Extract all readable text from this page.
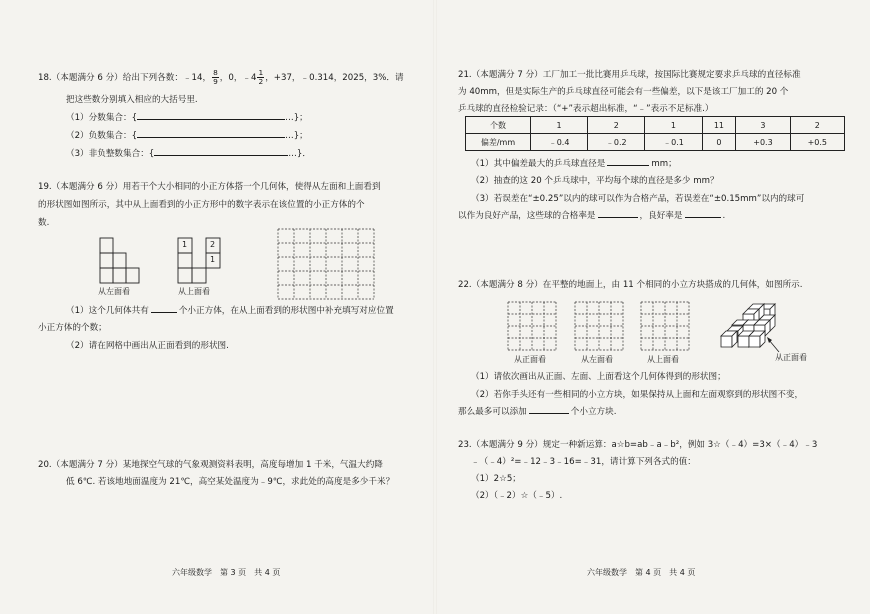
18.（本题满分 6 分）给出下列各数：﹣14， $\frac{8}{9}$ ，0，﹣4 $\frac{1}{2}$ ，+37，﹣0.314，2025，3%．请
把这些数分别填入相应的大括号里.
（1）分数集合：{	…}；
（2）负数集合：{	…}；
（3）非负整数集合：{	…}．
19.（本题满分 6 分）用若干个大小相同的小正方体搭一个几何体，使得从左面和上面看到
的形状图如图所示，其中从上面看到的小正方形中的数字表示在该位置的小正方体的个
数.
从左面看
1	2
1
从上面看
（1）这个几何体共有	个小正方体，在从上面看到的形状图中补充填写对应位置
小正方体的个数；
（2）请在网格中画出从正面看到的形状图.
20.（本题满分 7 分）某地探空气球的气象观测资料表明，高度每增加 1 千米，气温大约降
低 6℃. 若该地地面温度为 21℃，高空某处温度为﹣9℃，求此处的高度是多少千米？
六年级数学　第 3 页　共 4 页
21.（本题满分 7 分）工厂加工一批比赛用乒乓球，按国际比赛规定要求乒乓球的直径标准
为 40mm，但是实际生产的乒乓球直径可能会有一些偏差，以下是该工厂加工的 20 个
乒乓球的直径检验记录：（“+”表示超出标准，“﹣”表示不足标准.）
个数	1	2	1	11	3	2
偏差/mm	﹣0.4	﹣0.2	﹣0.1	0	+0.3	+0.5
（1）其中偏差最大的乒乓球直径是	mm；
（2）抽查的这 20 个乒乓球中，平均每个球的直径是多少 mm？
（3）若误差在“±0.25”以内的球可以作为合格产品，若误差在“±0.15mm”以内的球可
以作为良好产品，这些球的合格率是	，良好率是	.
22.（本题满分 8 分）在平整的地面上，由 11 个相同的小立方块搭成的几何体，如图所示.
从正面看	从左面看	从上面看	从正面看
（1）请依次画出从正面、左面、上面看这个几何体得到的形状图；
（2）若你手头还有一些相同的小立方块，如果保持从上面和左面观察到的形状图不变，
那么最多可以添加	个小立方块.
23.（本题满分 9 分）规定一种新运算：a☆b=ab﹣a﹣b²，例如 3☆（﹣4）=3×（﹣4）﹣3
﹣（﹣4）²=﹣12﹣3﹣16=﹣31，请计算下列各式的值：
（1）2☆5；
（2）（﹣2）☆（﹣5）.
六年级数学　第 4 页　共 4 页
